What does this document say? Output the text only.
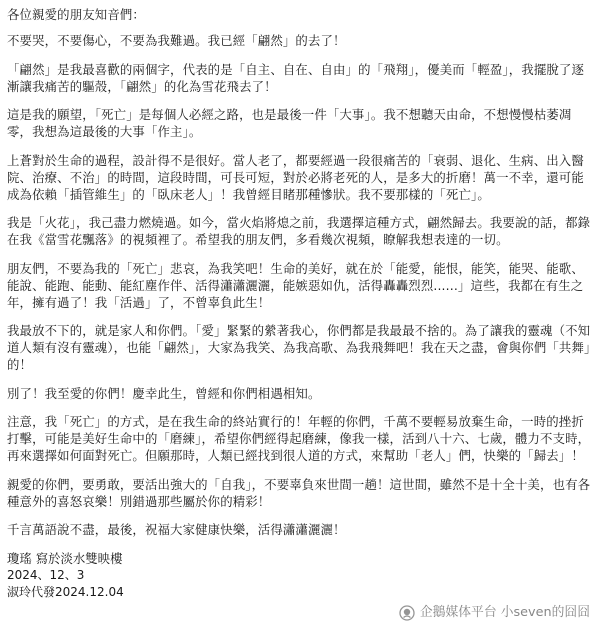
各位親愛的朋友知音們：

不要哭，不要傷心，不要為我難過。我已經「翩然」的去了！

「翩然」是我最喜歡的兩個字，代表的是「自主、自在、自由」的「飛翔」，優美而「輕盈」，我擺脫了逐漸讓我痛苦的驅殼，「翩然」的化為雪花飛去了！

這是我的願望，「死亡」是每個人必經之路，也是最後一件「大事」。我不想聽天由命，不想慢慢枯萎凋零，我想為這最後的大事「作主」。

上蒼對於生命的過程，設計得不是很好。當人老了，都要經過一段很痛苦的「衰弱、退化、生病、出入醫院、治療、不治」的時間，這段時間，可長可短，對於必將老死的人，是多大的折磨！萬一不幸，還可能成為依賴「插管維生」的「臥床老人」！我曾經目睹那種慘狀。我不要那樣的「死亡」。

我是「火花」，我己盡力燃燒過。如今，當火焰將熄之前，我選擇這種方式，翩然歸去。我要說的話，都錄在我《當雪花飄落》的視頻裡了。希望我的朋友們，多看幾次視頻，瞭解我想表達的一切。

朋友們，不要為我的「死亡」悲哀，為我笑吧！生命的美好，就在於「能愛，能恨，能笑，能哭、能歌、能說、能跑、能動、能紅塵作伴、活得瀟瀟灑灑，能嫉惡如仇，活得轟轟烈烈......」這些，我都在有生之年，擁有過了！我「活過」了，不曾辜負此生！

我最放不下的，就是家人和你們。「愛」緊緊的縈著我心，你們都是我最最不捨的。為了讓我的靈魂（不知道人類有沒有靈魂），也能「翩然」，大家為我笑、為我高歌、為我飛舞吧！我在天之盡，會與你們「共舞」的！

別了！我至愛的你們！慶幸此生，曾經和你們相遇相知。

注意，我「死亡」的方式，是在我生命的終站實行的！年輕的你們，千萬不要輕易放棄生命，一時的挫折打擊，可能是美好生命中的「磨練」，希望你們經得起磨練，像我一樣，活到八十六、七歲，體力不支時，再來選擇如何面對死亡。但願那時，人類已經找到很人道的方式，來幫助「老人」們，快樂的「歸去」！

親愛的你們，要勇敢，要活出強大的「自我」，不要辜負來世間一趟！這世間，雖然不是十全十美，也有各種意外的喜怒哀樂！別錯過那些屬於你的精彩！

千言萬語說不盡，最後，祝福大家健康快樂，活得瀟瀟灑灑！

瓊瑤 寫於淡水雙映樓

2024、12、3

淑玲代發2024.12.04

企鵝媒体平台 小seven的囧囧
